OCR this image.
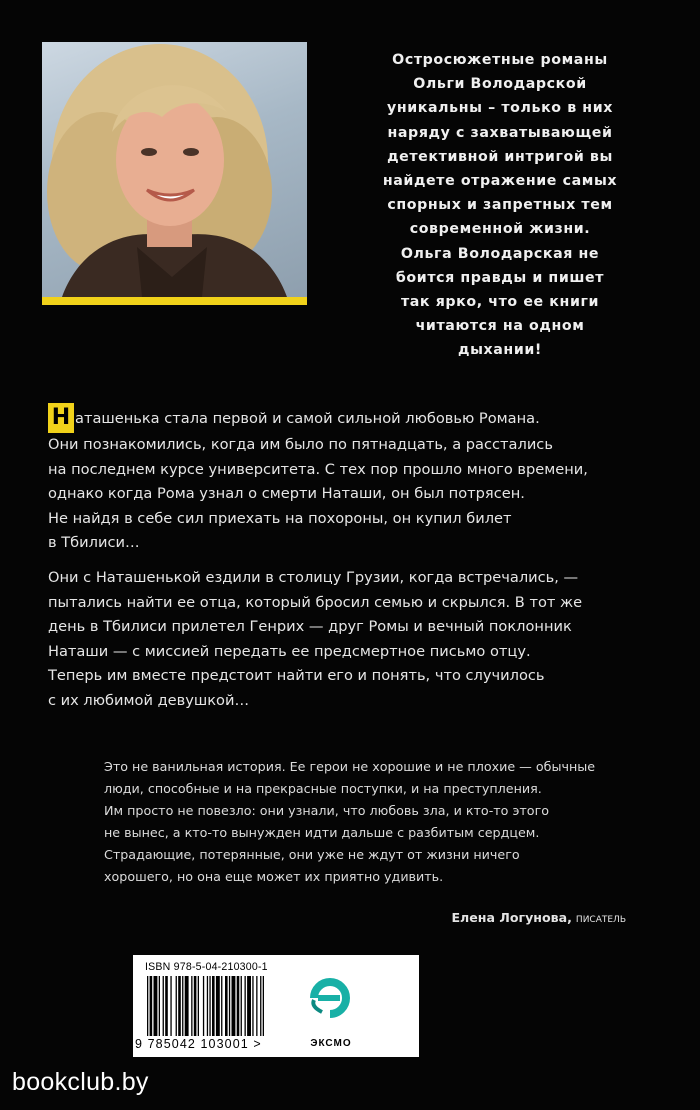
Остросюжетные романы
Ольги Володарской
уникальны – только в них
наряду с захватывающей
детективной интригой вы
найдете отражение самых
спорных и запретных тем
современной жизни.
Ольга Володарская не
боится правды и пишет
так ярко, что ее книги
читаются на одном
дыхании!
Н аташенька стала первой и самой сильной любовью Романа.
Они познакомились, когда им было по пятнадцать, а расстались
на последнем курсе университета. С тех пор прошло много времени,
однако когда Рома узнал о смерти Наташи, он был потрясен.
Не найдя в себе сил приехать на похороны, он купил билет
в Тбилиси…
Они с Наташенькой ездили в столицу Грузии, когда встречались, —
пытались найти ее отца, который бросил семью и скрылся. В тот же
день в Тбилиси прилетел Генрих — друг Ромы и вечный поклонник
Наташи — с миссией передать ее предсмертное письмо отцу.
Теперь им вместе предстоит найти его и понять, что случилось
с их любимой девушкой…
Это не ванильная история. Ее герои не хорошие и не плохие — обычные
люди, способные и на прекрасные поступки, и на преступления.
Им просто не повезло: они узнали, что любовь зла, и кто-то этого
не вынес, а кто-то вынужден идти дальше с разбитым сердцем.
Страдающие, потерянные, они уже не ждут от жизни ничего
хорошего, но она еще может их приятно удивить.
Елена Логунова, писатель
ISBN 978-5-04-210300-1
9 785042 103001 >	ЭКСМО
bookclub.by
